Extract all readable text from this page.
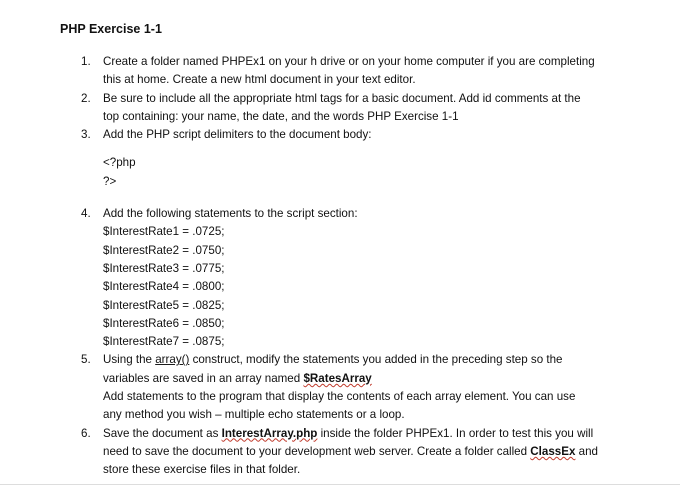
PHP Exercise 1-1
1. Create a folder named PHPEx1 on your h drive or on your home computer if you are completing
this at home. Create a new html document in your text editor.
2. Be sure to include all the appropriate html tags for a basic document. Add id comments at the
top containing: your name, the date, and the words PHP Exercise 1-1
3. Add the PHP script delimiters to the document body:
<?php
?>
4. Add the following statements to the script section:
$InterestRate1 = .0725;
$InterestRate2 = .0750;
$InterestRate3 = .0775;
$InterestRate4 = .0800;
$InterestRate5 = .0825;
$InterestRate6 = .0850;
$InterestRate7 = .0875;
5. Using the array() construct, modify the statements you added in the preceding step so the
variables are saved in an array named $RatesArray
Add statements to the program that display the contents of each array element. You can use
any method you wish – multiple echo statements or a loop.
6. Save the document as InterestArray.php inside the folder PHPEx1. In order to test this you will
need to save the document to your development web server. Create a folder called ClassEx and
store these exercise files in that folder.
